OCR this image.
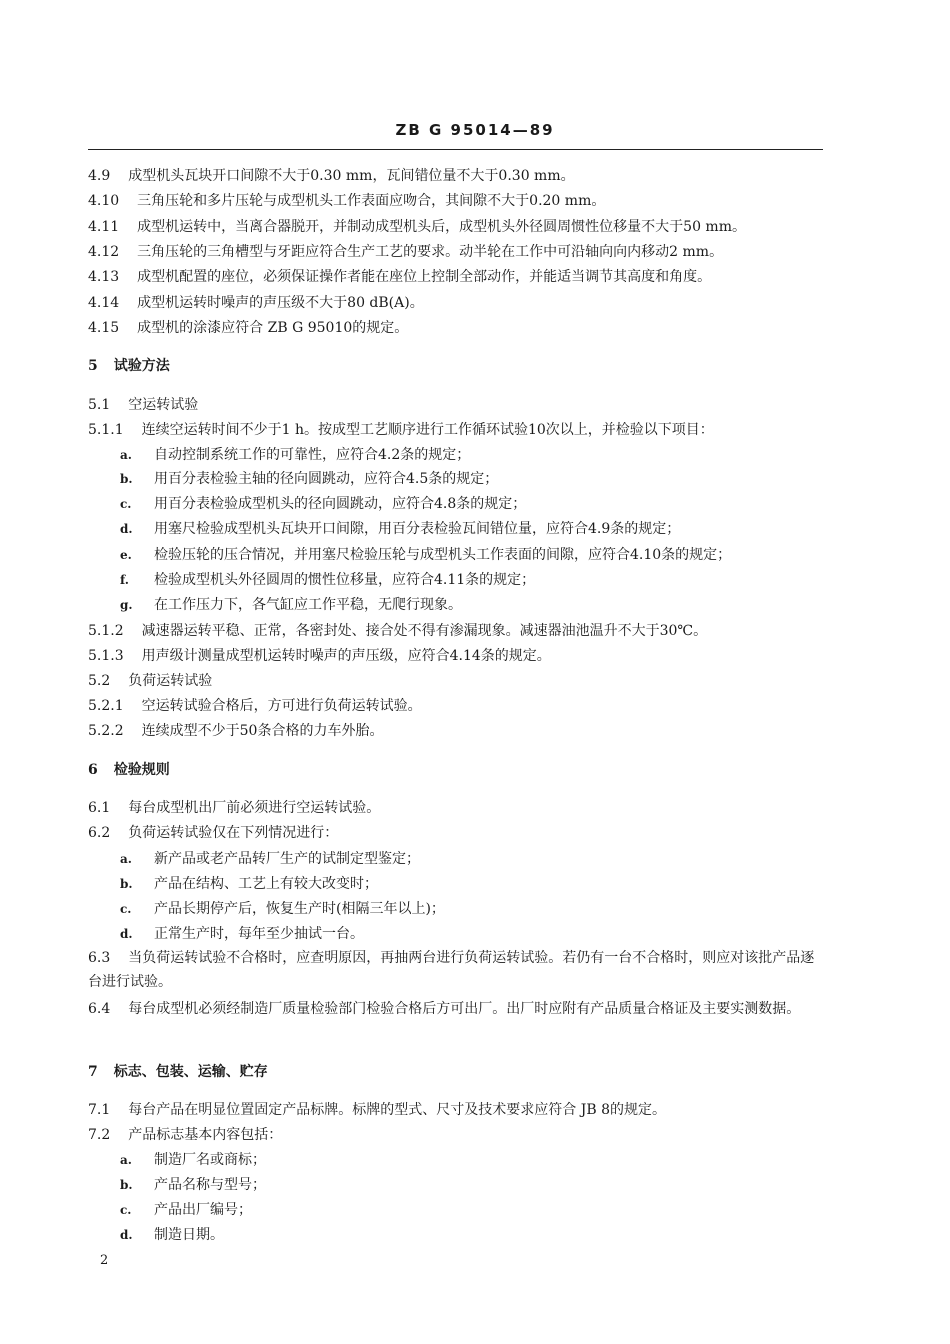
ZB G 95014—89
4.9 成型机头瓦块开口间隙不大于0.30 mm，瓦间错位量不大于0.30 mm。
4.10 三角压轮和多片压轮与成型机头工作表面应吻合，其间隙不大于0.20 mm。
4.11 成型机运转中，当离合器脱开，并制动成型机头后，成型机头外径圆周惯性位移量不大于50 mm。
4.12 三角压轮的三角槽型与牙距应符合生产工艺的要求。动半轮在工作中可沿轴向向内移动2 mm。
4.13 成型机配置的座位，必须保证操作者能在座位上控制全部动作，并能适当调节其高度和角度。
4.14 成型机运转时噪声的声压级不大于80 dB(A)。
4.15 成型机的涂漆应符合 ZB G 95010的规定。
5 试验方法
5.1 空运转试验
5.1.1 连续空运转时间不少于1 h。按成型工艺顺序进行工作循环试验10次以上，并检验以下项目：
a. 自动控制系统工作的可靠性，应符合4.2条的规定；
b. 用百分表检验主轴的径向圆跳动，应符合4.5条的规定；
c. 用百分表检验成型机头的径向圆跳动，应符合4.8条的规定；
d. 用塞尺检验成型机头瓦块开口间隙，用百分表检验瓦间错位量，应符合4.9条的规定；
e. 检验压轮的压合情况，并用塞尺检验压轮与成型机头工作表面的间隙，应符合4.10条的规定；
f. 检验成型机头外径圆周的惯性位移量，应符合4.11条的规定；
g. 在工作压力下，各气缸应工作平稳，无爬行现象。
5.1.2 减速器运转平稳、正常，各密封处、接合处不得有渗漏现象。减速器油池温升不大于30℃。
5.1.3 用声级计测量成型机运转时噪声的声压级，应符合4.14条的规定。
5.2 负荷运转试验
5.2.1 空运转试验合格后，方可进行负荷运转试验。
5.2.2 连续成型不少于50条合格的力车外胎。
6 检验规则
6.1 每台成型机出厂前必须进行空运转试验。
6.2 负荷运转试验仅在下列情况进行：
a. 新产品或老产品转厂生产的试制定型鉴定；
b. 产品在结构、工艺上有较大改变时；
c. 产品长期停产后，恢复生产时(相隔三年以上)；
d. 正常生产时，每年至少抽试一台。
6.3 当负荷运转试验不合格时，应查明原因，再抽两台进行负荷运转试验。若仍有一台不合格时，则应对该批产品逐台进行试验。
6.4 每台成型机必须经制造厂质量检验部门检验合格后方可出厂。出厂时应附有产品质量合格证及主要实测数据。
7 标志、包装、运输、贮存
7.1 每台产品在明显位置固定产品标牌。标牌的型式、尺寸及技术要求应符合 JB 8的规定。
7.2 产品标志基本内容包括：
a. 制造厂名或商标；
b. 产品名称与型号；
c. 产品出厂编号；
d. 制造日期。
2
